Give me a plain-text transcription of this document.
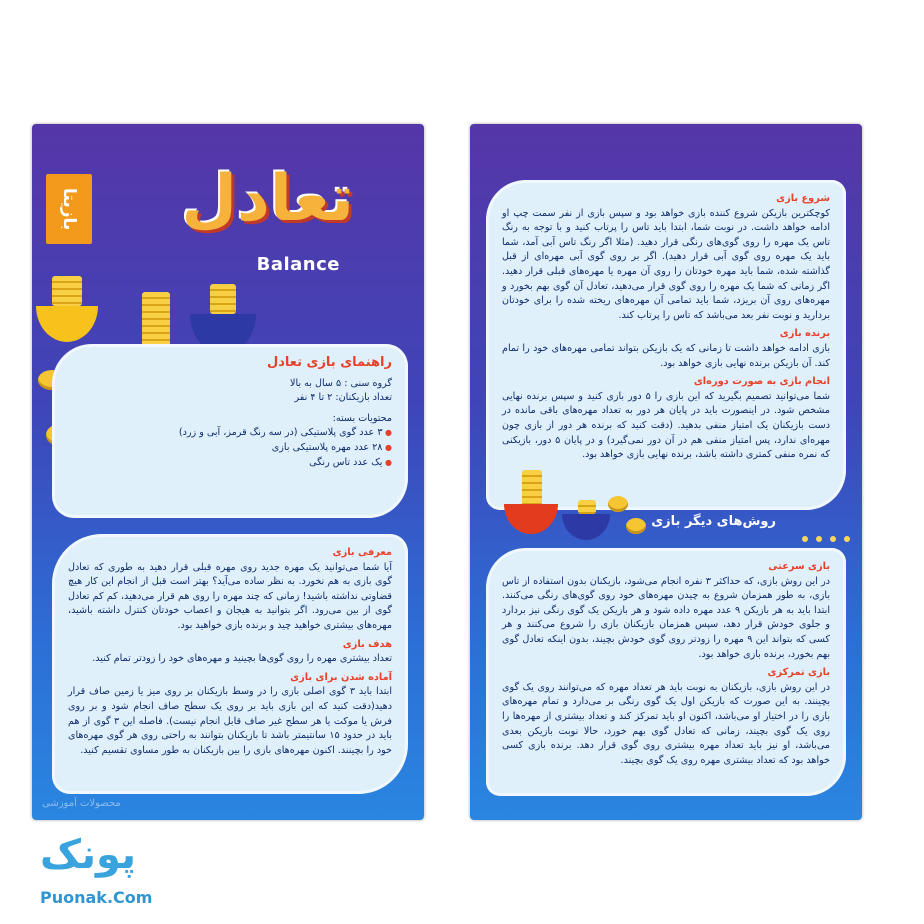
بازیتا تعادل
Balance
راهنمای بازی تعادل
گروه سنی : ۵ سال به بالا
تعداد بازیکنان: ۲ تا ۴ نفر
محتویات بسته:
● ۳ عدد گوی پلاستیکی (در سه رنگ قرمز، آبی و زرد)
● ۲۸ عدد مهره پلاستیکی بازی
● یک عدد تاس رنگی
معرفی بازی

آیا شما می‌توانید یک مهره جدید روی مهره قبلی قرار دهید به طوری که تعادل گوی بازی به هم نخورد. به نظر ساده می‌آید؟ بهتر است قبل از انجام این کار هیچ قضاوتی نداشته باشید! زمانی که چند مهره را روی هم قرار می‌دهید، کم کم تعادل گوی از بین می‌رود. اگر بتوانید به هیجان و اعصاب خودتان کنترل داشته باشید، مهره‌های بیشتری خواهید چید و برنده بازی خواهید بود.

هدف بازی

تعداد بیشتری مهره را روی گوی‌ها بچینید و مهره‌های خود را زودتر تمام کنید.

آماده شدن برای بازی

ابتدا باید ۳ گوی اصلی بازی را در وسط بازیکنان بر روی میز یا زمین صاف قرار دهید(دقت کنید که این بازی باید بر روی یک سطح صاف انجام شود و بر روی فرش یا موکت یا هر سطح غیر صاف قابل انجام نیست). فاصله این ۳ گوی از هم باید در حدود ۱۵ سانتیمتر باشد تا بازیکنان بتوانند به راحتی روی هر گوی مهره‌های خود را بچینند. اکنون مهره‌های بازی را بین بازیکنان به طور مساوی تقسیم کنید.

محصولات آموزشی
شروع بازی

کوچکترین بازیکن شروع کننده بازی خواهد بود و سپس بازی از نفر سمت چپ او ادامه خواهد داشت. در نوبت شما، ابتدا باید تاس را پرتاب کنید و با توجه به رنگ تاس یک مهره را روی گوی‌های رنگی قرار دهید. (مثلا اگر رنگ تاس آبی آمد، شما باید یک مهره روی گوی آبی قرار دهید). اگر بر روی گوی آبی مهره‌ای از قبل گذاشته شده، شما باید مهره خودتان را روی آن مهره یا مهره‌های قبلی قرار دهید. اگر زمانی که شما یک مهره را روی گوی قرار می‌دهید، تعادل آن گوی بهم بخورد و مهره‌های روی آن بریزد، شما باید تمامی آن مهره‌های ریخته شده را برای خودتان بردارید و نوبت نفر بعد می‌باشد که تاس را پرتاب کند.

برنده بازی

بازی ادامه خواهد داشت تا زمانی که یک بازیکن بتواند تمامی مهره‌های خود را تمام کند. آن بازیکن برنده نهایی بازی خواهد بود.

انجام بازی به صورت دوره‌ای

شما می‌توانید تصمیم بگیرید که این بازی را ۵ دور بازی کنید و سپس برنده نهایی مشخص شود. در اینصورت باید در پایان هر دور به تعداد مهره‌های باقی مانده در دست بازیکنان یک امتیاز منفی بدهید. (دقت کنید که برنده هر دور از بازی چون مهره‌ای ندارد، پس امتیاز منفی هم در آن دور نمی‌گیرد) و در پایان ۵ دور، بازیکنی که نمره منفی کمتری داشته باشد، برنده نهایی بازی خواهد بود.

روش‌های دیگر بازی
بازی سرعتی

در این روش بازی، که حداکثر ۳ نفره انجام می‌شود، بازیکنان بدون استفاده از تاس بازی، به طور همزمان شروع به چیدن مهره‌های خود روی گوی‌های رنگی می‌کنند. ابتدا باید به هر بازیکن ۹ عدد مهره داده شود و هر بازیکن یک گوی رنگی نیز بردارد و جلوی خودش قرار دهد، سپس همزمان بازیکنان بازی را شروع می‌کنند و هر کسی که بتواند این ۹ مهره را زودتر روی گوی خودش بچیند، بدون اینکه تعادل گوی بهم بخورد، برنده بازی خواهد بود.

بازی تمرکزی

در این روش بازی، بازیکنان به نوبت باید هر تعداد مهره که می‌توانند روی یک گوی بچینند. به این صورت که بازیکن اول یک گوی رنگی بر می‌دارد و تمام مهره‌های بازی را در اختیار او می‌باشد، اکنون او باید تمرکز کند و تعداد بیشتری از مهره‌ها را روی یک گوی بچیند، زمانی که تعادل گوی بهم خورد، حالا نوبت بازیکن بعدی می‌باشد، او نیز باید تعداد مهره بیشتری روی گوی قرار دهد. برنده بازی کسی خواهد بود که تعداد بیشتری مهره روی یک گوی بچیند.

پونک
Puonak.Com
